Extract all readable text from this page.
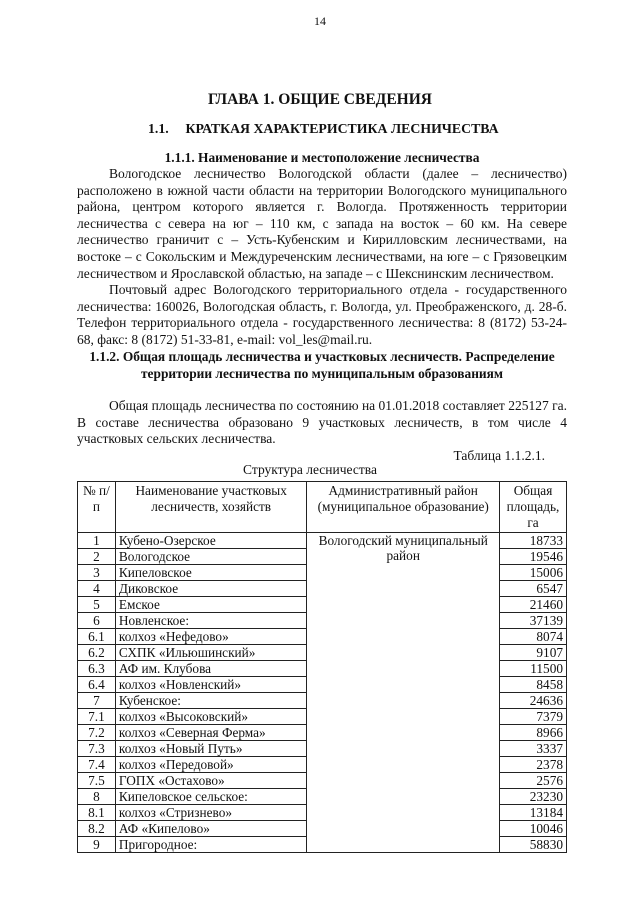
14
ГЛАВА 1. ОБЩИЕ СВЕДЕНИЯ
1.1. КРАТКАЯ ХАРАКТЕРИСТИКА ЛЕСНИЧЕСТВА
1.1.1. Наименование и местоположение лесничества

Вологодское лесничество Вологодской области (далее – лесничество) расположено в южной части области на территории Вологодского муниципального района, центром которого является г. Вологда. Протяженность территории лесничества с севера на юг – 110 км, с запада на восток – 60 км. На севере лесничество граничит с – Усть-Кубенским и Кирилловским лесничествами, на востоке – с Сокольским и Междуреченским лесничествами, на юге – с Грязовецким лесничеством и Ярославской областью, на западе – с Шекснинским лесничеством.

Почтовый адрес Вологодского территориального отдела - государственного лесничества: 160026, Вологодская область, г. Вологда, ул. Преображенского, д. 28-б. Телефон территориального отдела - государственного лесничества: 8 (8172) 53-24-68, факс: 8 (8172) 51-33-81, e-mail: vol_les@mail.ru.

1.1.2. Общая площадь лесничества и участковых лесничеств. Распределение
территории лесничества по муниципальным образованиям

Общая площадь лесничества по состоянию на 01.01.2018 составляет 225127 га. В составе лесничества образовано 9 участковых лесничеств, в том числе 4 участковых сельских лесничества.

Таблица 1.1.2.1.
Структура лесничества
№ п/п	Наименование участковых лесничеств, хозяйств	Административный район (муниципальное образование)	Общая площадь, га
1	Кубено-Озерское	Вологодский муниципальный район	18733
2	Вологодское		19546
3	Кипеловское		15006
4	Диковское		6547
5	Емское		21460
6	Новленское:		37139
6.1	колхоз «Нефедово»		8074
6.2	СХПК «Ильюшинский»		9107
6.3	АФ им. Клубова		11500
6.4	колхоз «Новленский»		8458
7	Кубенское:		24636
7.1	колхоз «Высоковский»		7379
7.2	колхоз «Северная Ферма»		8966
7.3	колхоз «Новый Путь»		3337
7.4	колхоз «Передовой»		2378
7.5	ГОПХ «Остахово»		2576
8	Кипеловское сельское:		23230
8.1	колхоз «Стризнево»		13184
8.2	АФ «Кипелово»		10046
9	Пригородное:		58830
